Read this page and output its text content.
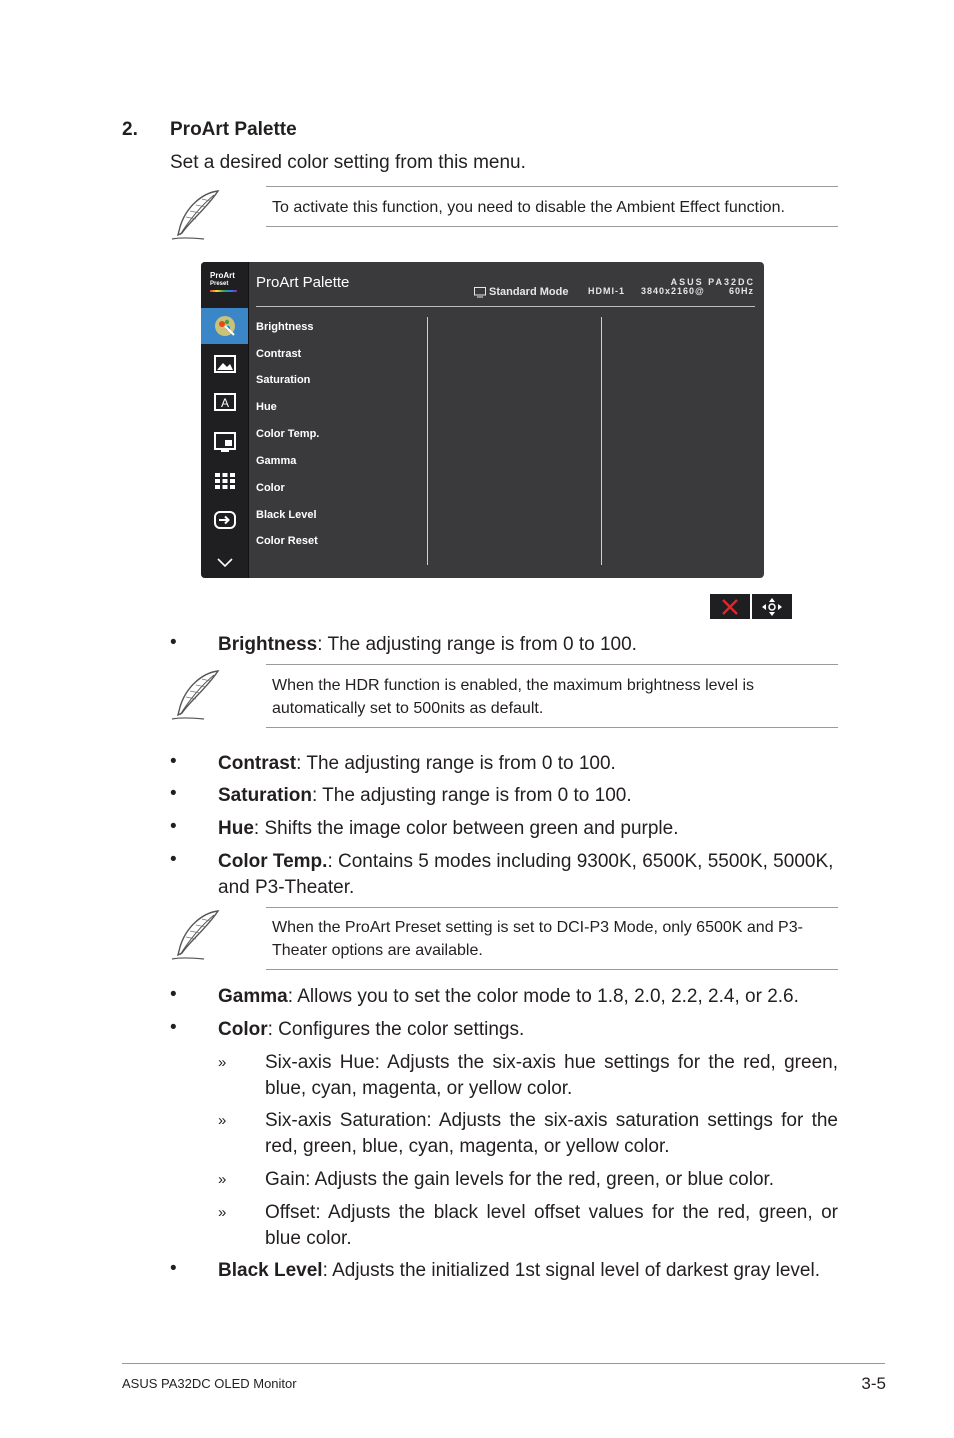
2. ProArt Palette
Set a desired color setting from this menu.
To activate this function, you need to disable the Ambient Effect function.
ProArt
Preset
A
ProArt Palette
Standard Mode HDMI-1 3840x2160@	60Hz
ASUS PA32DC
Brightness
Contrast
Saturation
Hue
Color Temp.
Gamma
Color
Black Level
Color Reset
• Brightness: The adjusting range is from 0 to 100.
When the HDR function is enabled, the maximum brightness level is automatically set to 500nits as default.
• Contrast: The adjusting range is from 0 to 100.
• Saturation: The adjusting range is from 0 to 100.
• Hue: Shifts the image color between green and purple.
• Color Temp.: Contains 5 modes including 9300K, 6500K, 5500K, 5000K, and P3-Theater.
When the ProArt Preset setting is set to DCI-P3 Mode, only 6500K and P3-Theater options are available.
• Gamma: Allows you to set the color mode to 1.8, 2.0, 2.2, 2.4, or 2.6.
• Color: Configures the color settings.
» Six-axis Hue: Adjusts the six-axis hue settings for the red, green, blue, cyan, magenta, or yellow color.
» Six-axis Saturation: Adjusts the six-axis saturation settings for the red, green, blue, cyan, magenta, or yellow color.
» Gain: Adjusts the gain levels for the red, green, or blue color.
» Offset: Adjusts the black level offset values for the red, green, or blue color.
• Black Level: Adjusts the initialized 1st signal level of darkest gray level.
ASUS PA32DC OLED Monitor	3-5
